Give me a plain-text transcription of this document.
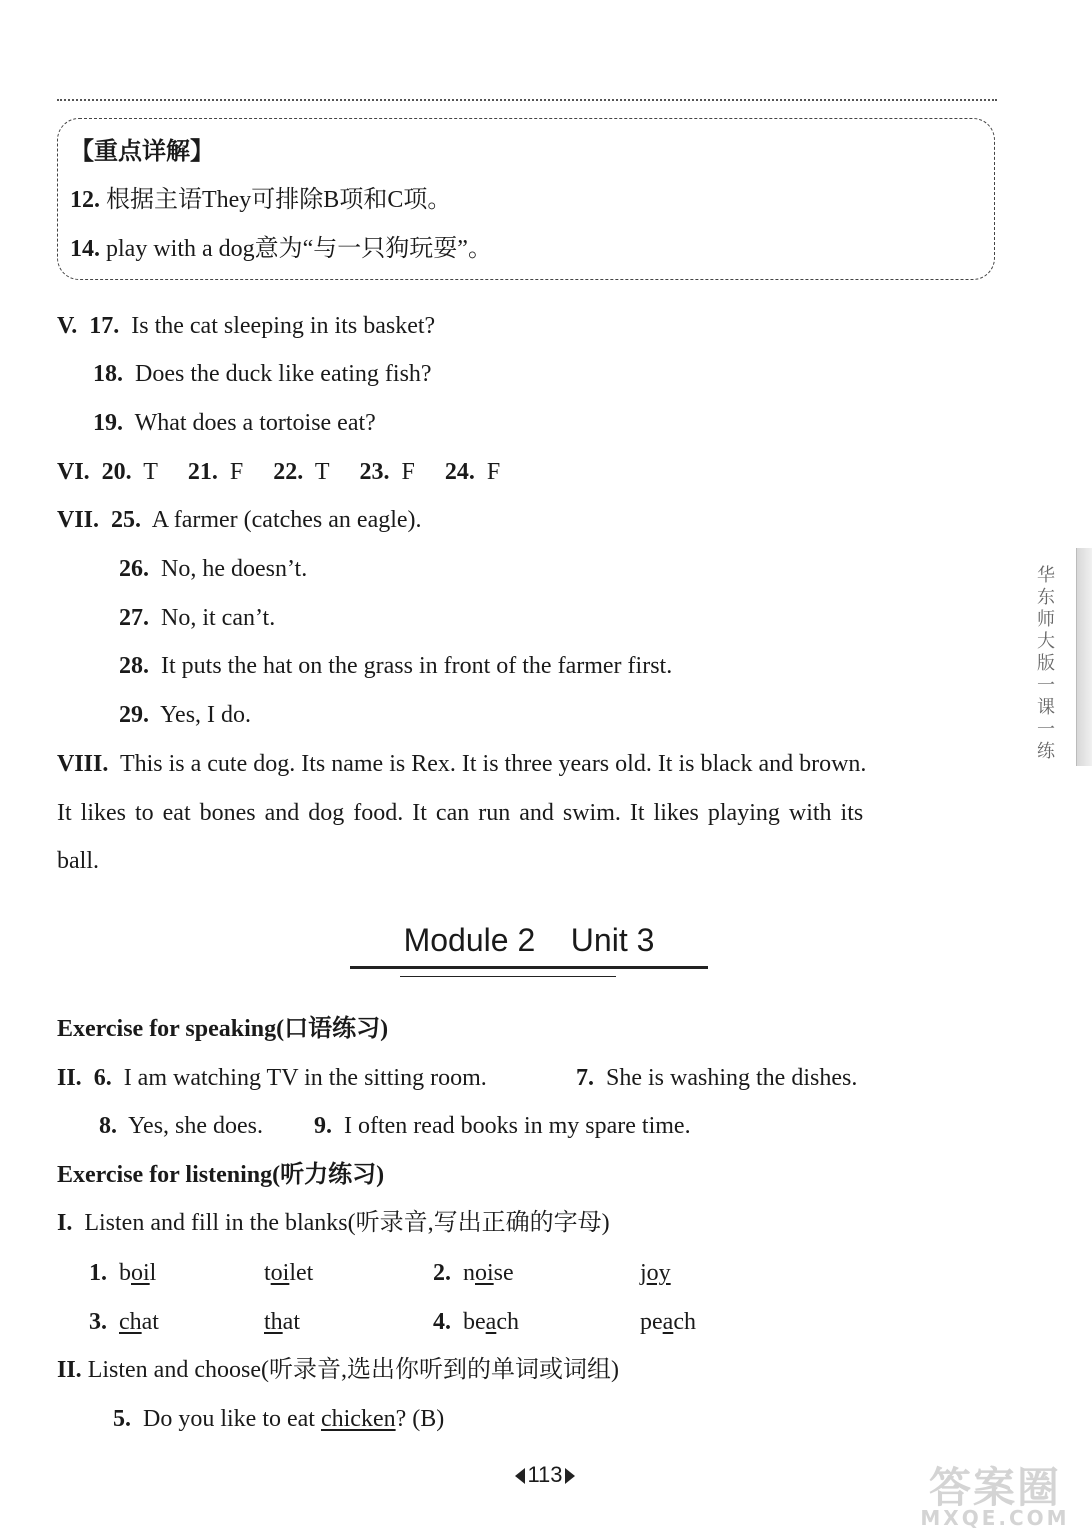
【重点详解】
12. 根据主语They可排除B项和C项。
14. play with a dog意为“与一只狗玩耍”。
V. 17. Is the cat sleeping in its basket?
18. Does the duck like eating fish?
19. What does a tortoise eat?
VI. 20. T 21. F 22. T 23. F 24. F
VII. 25. A farmer (catches an eagle).
26. No, he doesn’t.
27. No, it can’t.
28. It puts the hat on the grass in front of the farmer first.
29. Yes, I do.
VIII. This is a cute dog. Its name is Rex. It is three years old. It is black and brown.
It likes to eat bones and dog food. It can run and swim. It likes playing with its
ball.
Module 2    Unit 3
Exercise for speaking(口语练习)
II. 6. I am watching TV in the sitting room.	7. She is washing the dishes.
8. Yes, she does. 9. I often read books in my spare time.
Exercise for listening(听力练习)
I. Listen and fill in the blanks(听录音,写出正确的字母)
1. boil	toilet	2. noise	joy
3. chat	that	4. beach	peach
II. Listen and choose(听录音,选出你听到的单词或词组)
5. Do you like to eat chicken? (B)
华东师大版一课一练
113	答案圈
MXQE.COM
